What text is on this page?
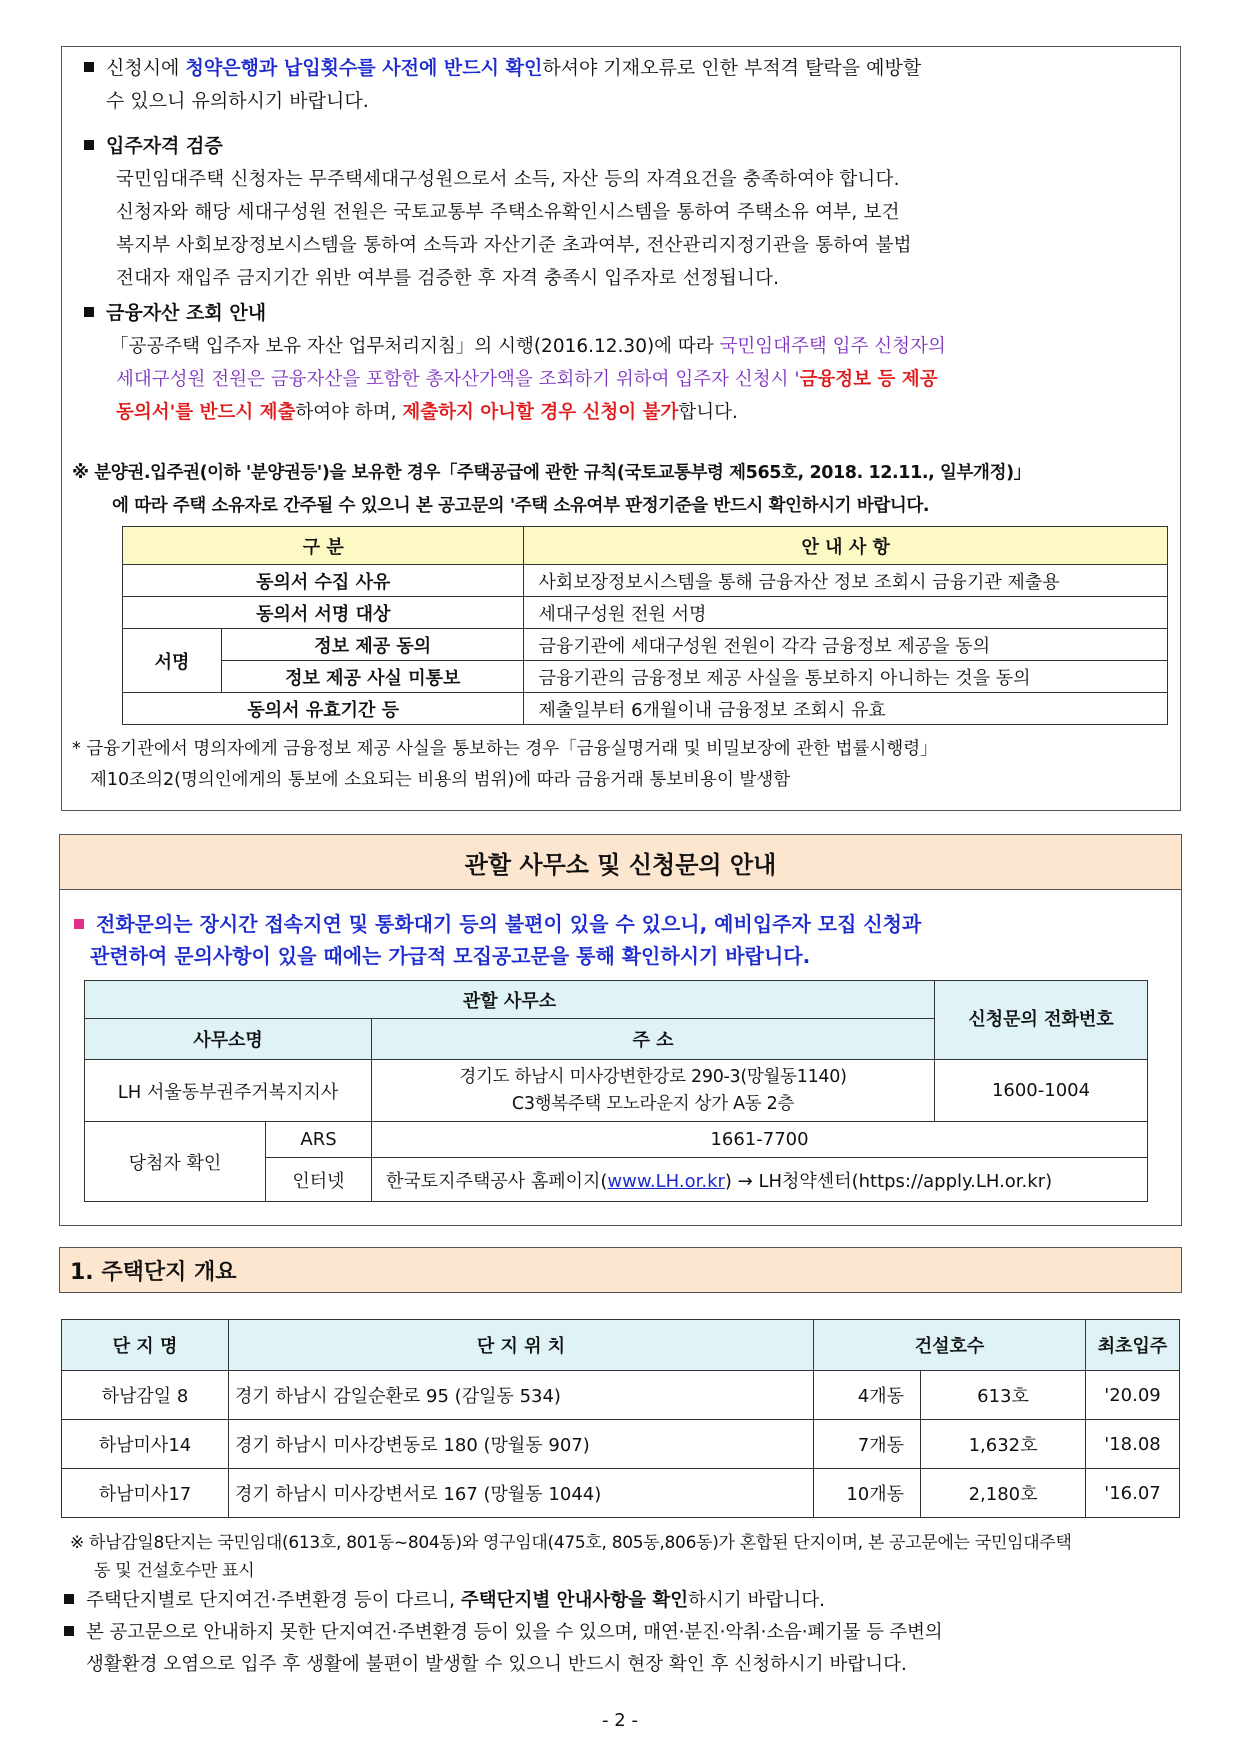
신청시에 청약은행과 납입횟수를 사전에 반드시 확인하셔야 기재오류로 인한 부적격 탈락을 예방할
수 있으니 유의하시기 바랍니다.
입주자격 검증
국민임대주택 신청자는 무주택세대구성원으로서 소득, 자산 등의 자격요건을 충족하여야 합니다.
신청자와 해당 세대구성원 전원은 국토교통부 주택소유확인시스템을 통하여 주택소유 여부, 보건
복지부 사회보장정보시스템을 통하여 소득과 자산기준 초과여부, 전산관리지정기관을 통하여 불법
전대자 재입주 금지기간 위반 여부를 검증한 후 자격 충족시 입주자로 선정됩니다.
금융자산 조회 안내
「공공주택 입주자 보유 자산 업무처리지침」의 시행(2016.12.30)에 따라 국민임대주택 입주 신청자의
세대구성원 전원은 금융자산을 포함한 총자산가액을 조회하기 위하여 입주자 신청시 '금융정보 등 제공
동의서'를 반드시 제출하여야 하며, 제출하지 아니할 경우 신청이 불가합니다.
※ 분양권.입주권(이하 '분양권등')을 보유한 경우「주택공급에 관한 규칙(국토교통부령 제565호, 2018. 12.11., 일부개정)」
에 따라 주택 소유자로 간주될 수 있으니 본 공고문의 '주택 소유여부 판정기준을 반드시 확인하시기 바랍니다.
구 분		안 내 사 항
동의서 수집 사유		사회보장정보시스템을 통해 금융자산 정보 조회시 금융기관 제출용
동의서 서명 대상		세대구성원 전원 서명
서명	정보 제공 동의	금융기관에 세대구성원 전원이 각각 금융정보 제공을 동의
	정보 제공 사실 미통보	금융기관의 금융정보 제공 사실을 통보하지 아니하는 것을 동의
동의서 유효기간 등		제출일부터 6개월이내 금융정보 조회시 유효
* 금융기관에서 명의자에게 금융정보 제공 사실을 통보하는 경우「금융실명거래 및 비밀보장에 관한 법률시행령」
제10조의2(명의인에게의 통보에 소요되는 비용의 범위)에 따라 금융거래 통보비용이 발생함
관할 사무소 및 신청문의 안내
전화문의는 장시간 접속지연 및 통화대기 등의 불편이 있을 수 있으니, 예비입주자 모집 신청과
관련하여 문의사항이 있을 때에는 가급적 모집공고문을 통해 확인하시기 바랍니다.
관할 사무소			신청문의 전화번호
사무소명		주 소	
LH 서울동부권주거복지지사		경기도 하남시 미사강변한강로 290-3(망월동1140)
C3행복주택 모노라운지 상가 A동 2층	1600-1004
당첨자 확인	ARS	1661-7700	
	인터넷	한국토지주택공사 홈페이지(www.LH.or.kr) → LH청약센터(https://apply.LH.or.kr)	
1. 주택단지 개요
단 지 명	단 지 위 치	건설호수		최초입주
하남감일 8	경기 하남시 감일순환로 95 (감일동 534)	4개동	613호	'20.09
하남미사14	경기 하남시 미사강변동로 180 (망월동 907)	7개동	1,632호	'18.08
하남미사17	경기 하남시 미사강변서로 167 (망월동 1044)	10개동	2,180호	'16.07
※ 하남감일8단지는 국민임대(613호, 801동~804동)와 영구임대(475호, 805동,806동)가 혼합된 단지이며, 본 공고문에는 국민임대주택
동 및 건설호수만 표시
주택단지별로 단지여건·주변환경 등이 다르니, 주택단지별 안내사항을 확인하시기 바랍니다.
본 공고문으로 안내하지 못한 단지여건·주변환경 등이 있을 수 있으며, 매연·분진·악취·소음·폐기물 등 주변의
생활환경 오염으로 입주 후 생활에 불편이 발생할 수 있으니 반드시 현장 확인 후 신청하시기 바랍니다.
- 2 -
